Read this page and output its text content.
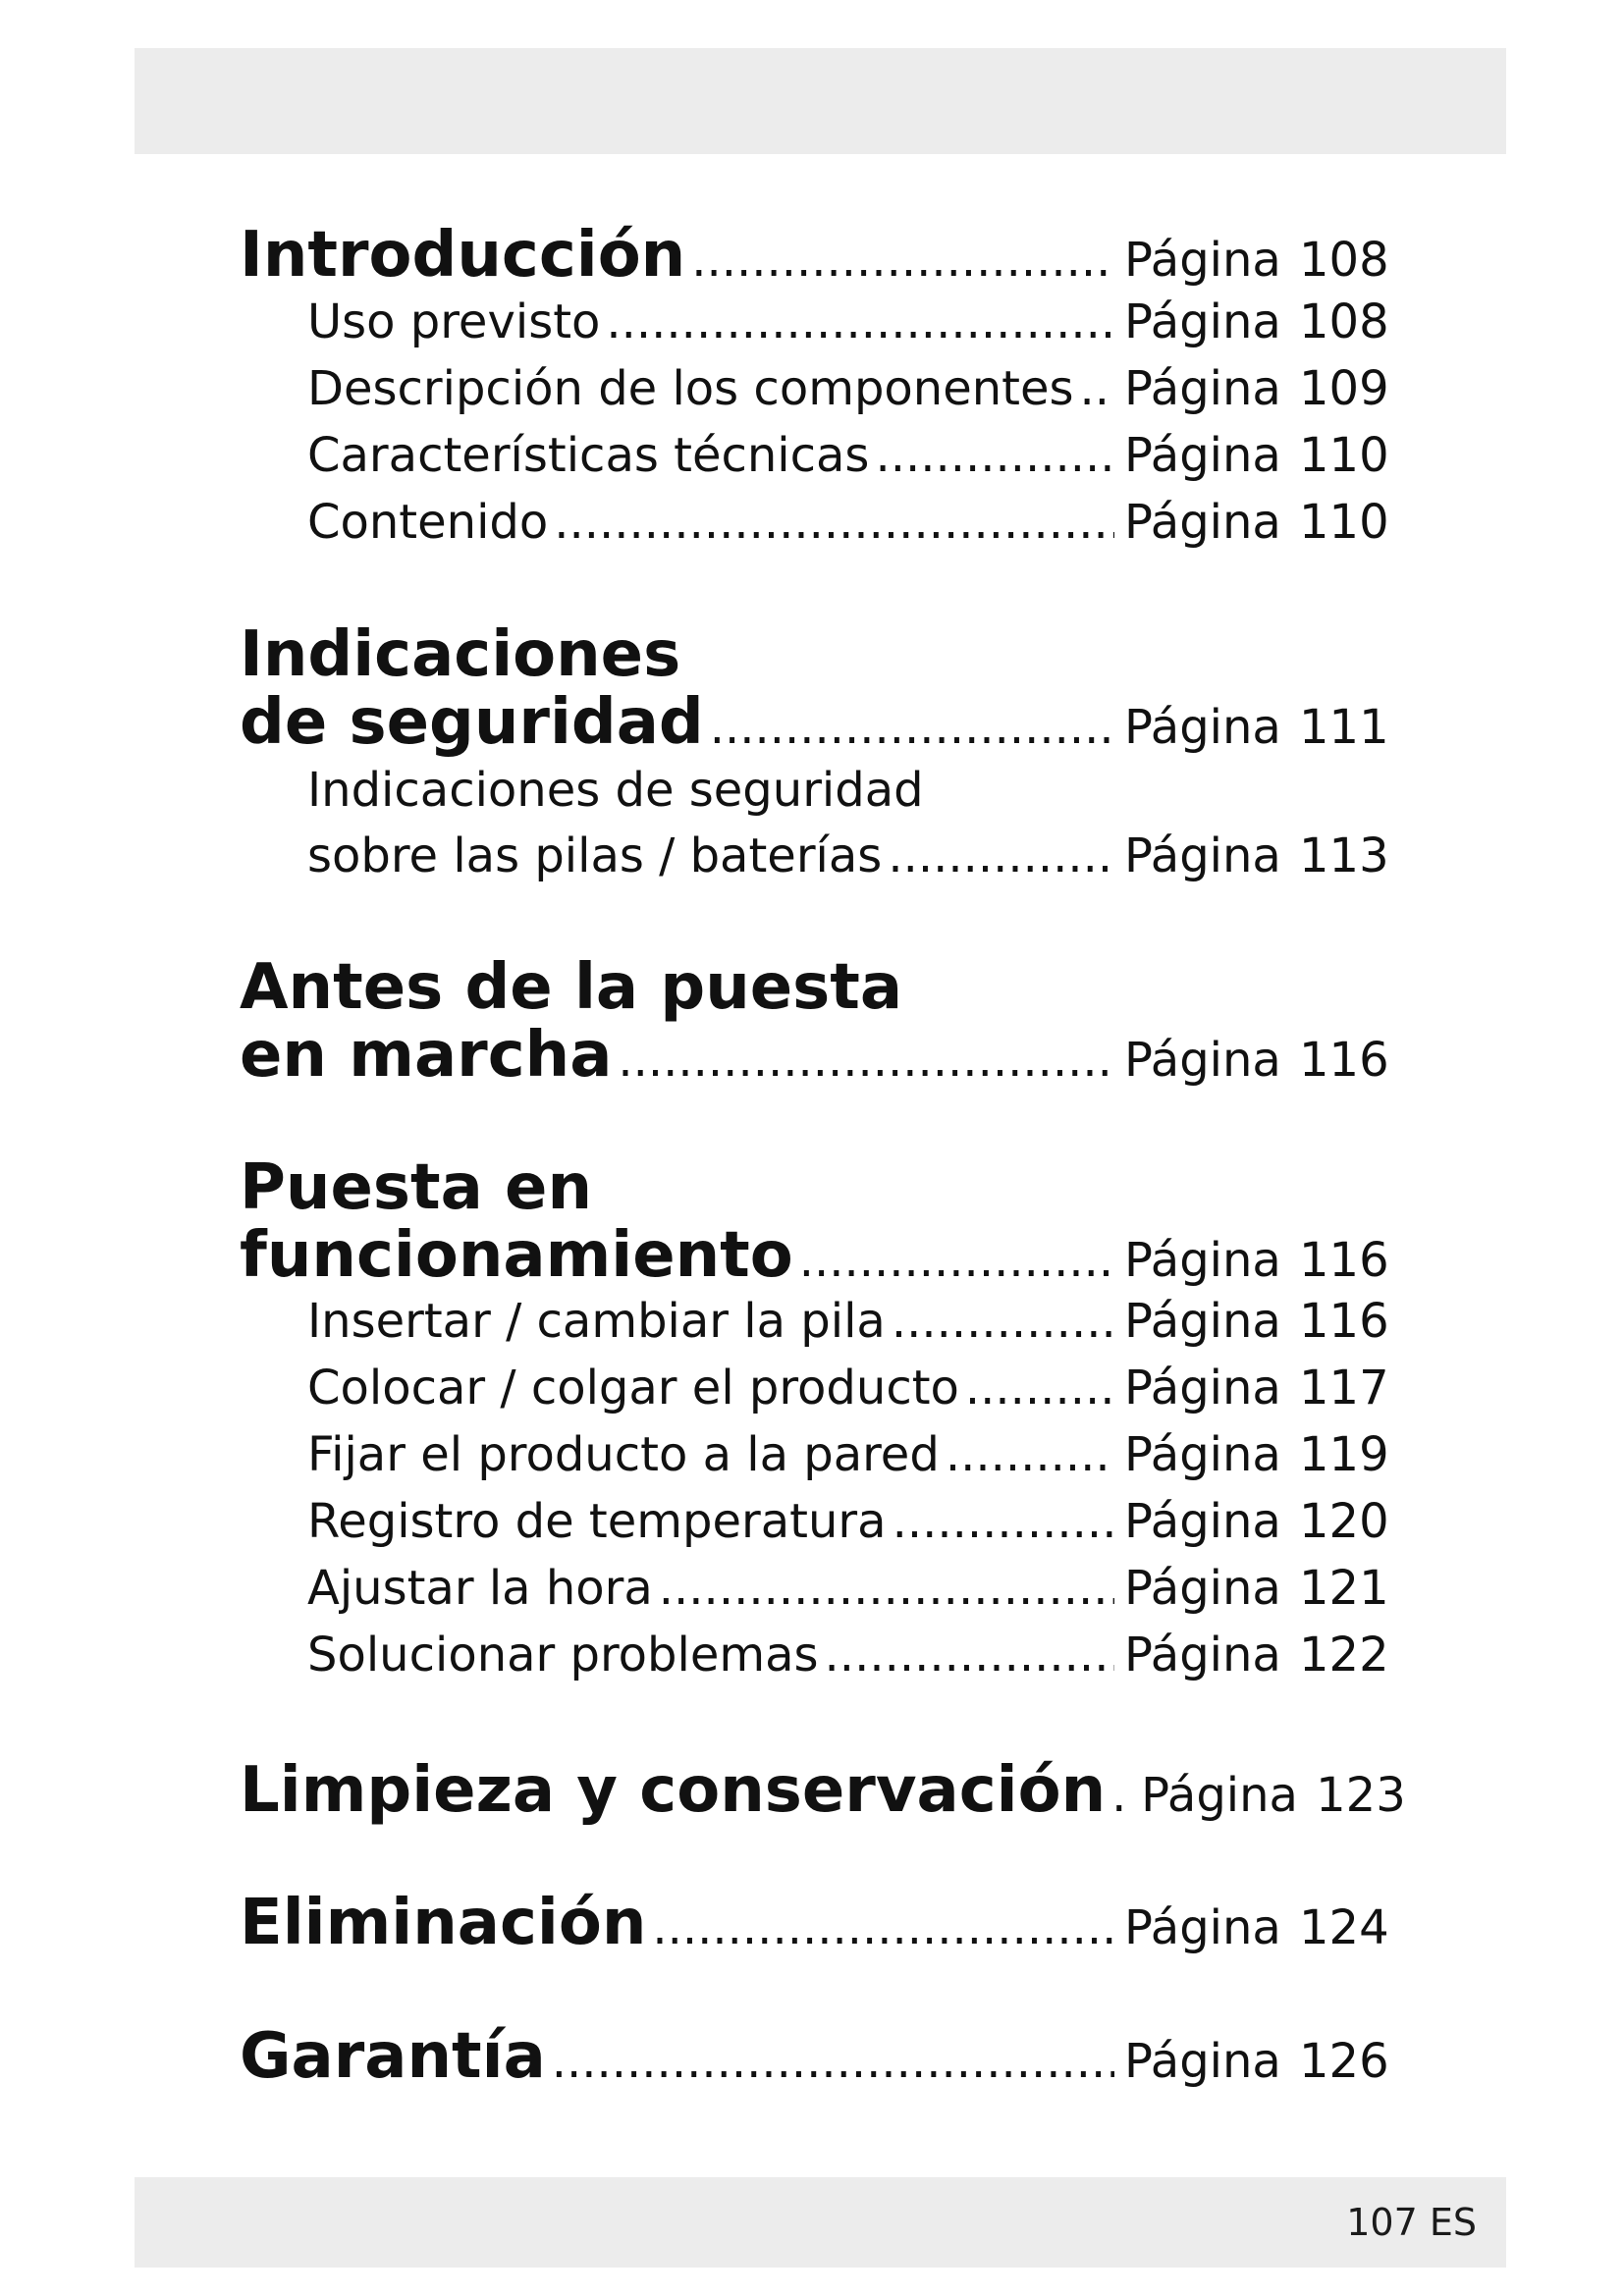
Introducción .....	Página 108
Uso previsto .....	Página 108
Descripción de los componentes ..... Página 109
Características técnicas .....	Página 110
Contenido .....	Página 110
Indicaciones
de seguridad .....	Página 111
Indicaciones de seguridad
sobre las pilas / baterías .....	Página 113
Antes de la puesta
en marcha .....	Página 116
Puesta en
funcionamiento .....	Página 116
Insertar / cambiar la pila .....	Página 116
Colocar / colgar el producto .....	Página 117
Fijar el producto a la pared .....	Página 119
Registro de temperatura .....	Página 120
Ajustar la hora .....	Página 121
Solucionar problemas .....	Página 122
Limpieza y conservación ..... Página 123
Eliminación .....	Página 124
Garantía .....	Página 126
107 ES
